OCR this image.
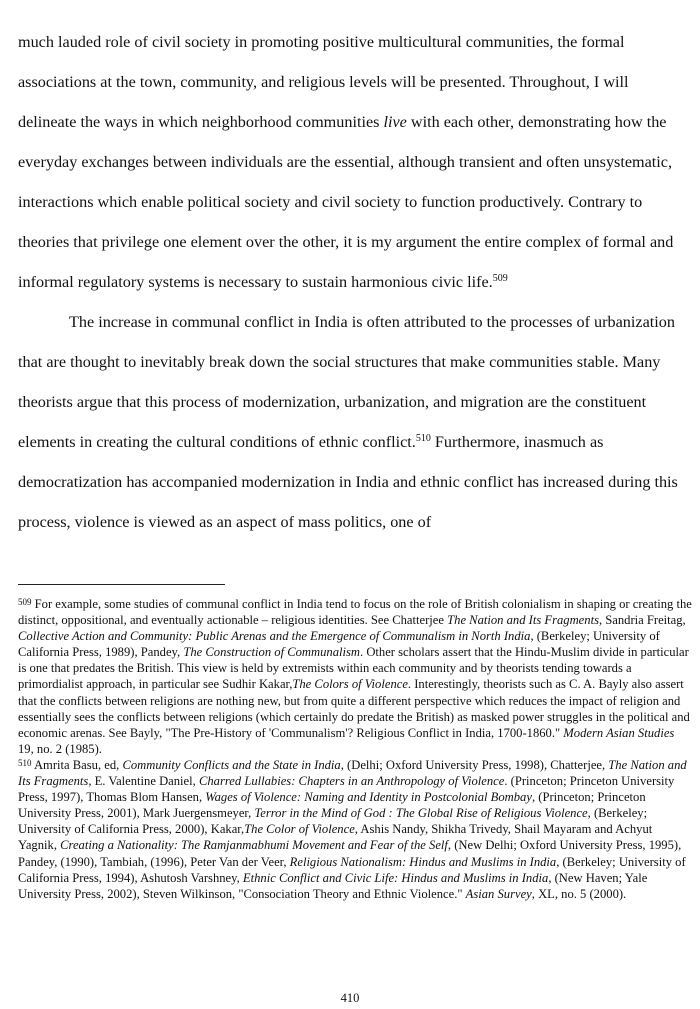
much lauded role of civil society in promoting positive multicultural communities, the formal associations at the town, community, and religious levels will be presented. Throughout, I will delineate the ways in which neighborhood communities live with each other, demonstrating how the everyday exchanges between individuals are the essential, although transient and often unsystematic, interactions which enable political society and civil society to function productively. Contrary to theories that privilege one element over the other, it is my argument the entire complex of formal and informal regulatory systems is necessary to sustain harmonious civic life.$^{509}$

The increase in communal conflict in India is often attributed to the processes of urbanization that are thought to inevitably break down the social structures that make communities stable. Many theorists argue that this process of modernization, urbanization, and migration are the constituent elements in creating the cultural conditions of ethnic conflict.$^{510}$ Furthermore, inasmuch as democratization has accompanied modernization in India and ethnic conflict has increased during this process, violence is viewed as an aspect of mass politics, one of

$^{509}$ For example, some studies of communal conflict in India tend to focus on the role of British colonialism in shaping or creating the distinct, oppositional, and eventually actionable – religious identities. See Chatterjee The Nation and Its Fragments, Sandria Freitag, Collective Action and Community: Public Arenas and the Emergence of Communalism in North India, (Berkeley; University of California Press, 1989), Pandey, The Construction of Communalism. Other scholars assert that the Hindu-Muslim divide in particular is one that predates the British. This view is held by extremists within each community and by theorists tending towards a primordialist approach, in particular see Sudhir Kakar,The Colors of Violence. Interestingly, theorists such as C. A. Bayly also assert that the conflicts between religions are nothing new, but from quite a different perspective which reduces the impact of religion and essentially sees the conflicts between religions (which certainly do predate the British) as masked power struggles in the political and economic arenas. See Bayly, "The Pre-History of 'Communalism'? Religious Conflict in India, 1700-1860." Modern Asian Studies 19, no. 2 (1985).

$^{510}$ Amrita Basu, ed, Community Conflicts and the State in India, (Delhi; Oxford University Press, 1998), Chatterjee, The Nation and Its Fragments, E. Valentine Daniel, Charred Lullabies: Chapters in an Anthropology of Violence. (Princeton; Princeton University Press, 1997), Thomas Blom Hansen, Wages of Violence: Naming and Identity in Postcolonial Bombay, (Princeton; Princeton University Press, 2001), Mark Juergensmeyer, Terror in the Mind of God : The Global Rise of Religious Violence, (Berkeley; University of California Press, 2000), Kakar,The Color of Violence, Ashis Nandy, Shikha Trivedy, Shail Mayaram and Achyut Yagnik, Creating a Nationality: The Ramjanmabhumi Movement and Fear of the Self, (New Delhi; Oxford University Press, 1995), Pandey, (1990), Tambiah, (1996), Peter Van der Veer, Religious Nationalism: Hindus and Muslims in India, (Berkeley; University of California Press, 1994), Ashutosh Varshney, Ethnic Conflict and Civic Life: Hindus and Muslims in India, (New Haven; Yale University Press, 2002), Steven Wilkinson, "Consociation Theory and Ethnic Violence." Asian Survey, XL, no. 5 (2000).

410
